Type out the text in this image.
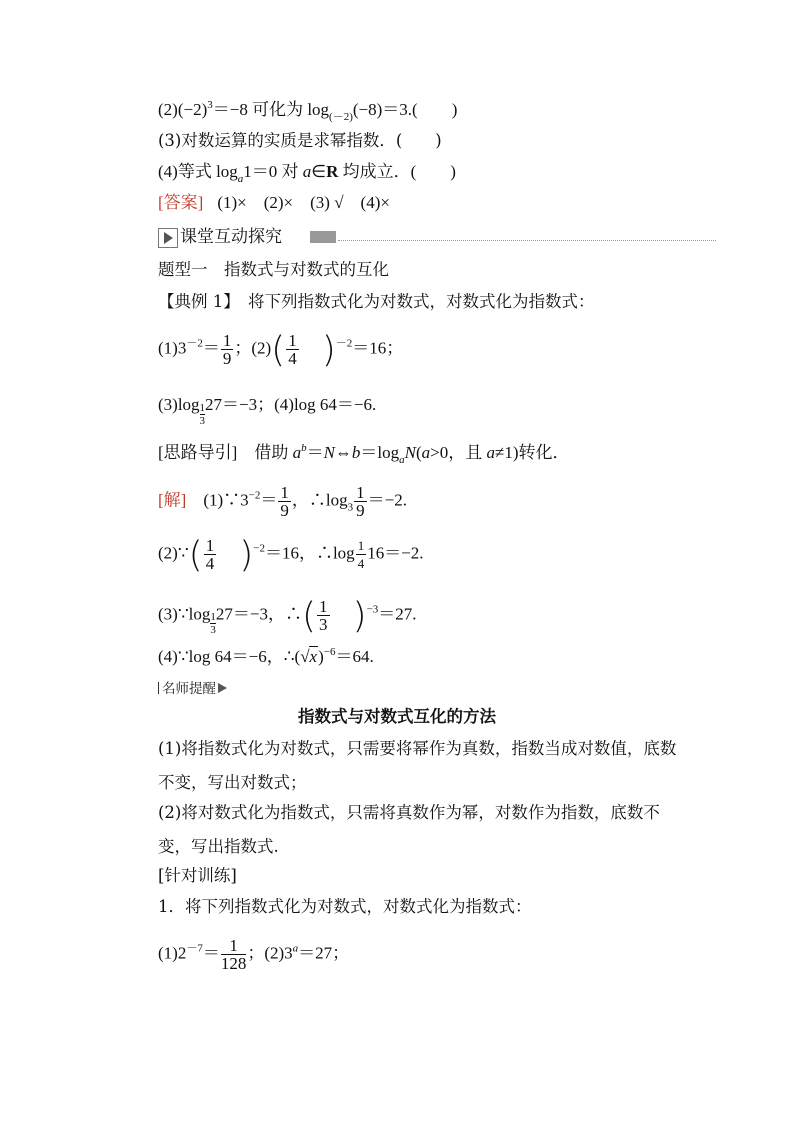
$(2)(-2)^3=-8$ 可化为 $\log_{(-2)}(-8)=3$.(　　)
(3)对数运算的实质是求幂指数．(　　)
(4)等式 $\log_a1=0$ 对 a∈R 均成立．(　　)
[答案] (1)×　(2)×　(3) √　(4)×
课堂互动探究
题型一　指数式与对数式的互化
【典例 1】　将下列指数式化为对数式，对数式化为指数式：
$(1)3^{-2}= \frac{1}{9}$ ；$(2)( \frac{1}{4} )^{-2}=16$；
$(3)\log \frac{1}{3} 27=-3$；(4)log 64＝−6.
[思路导引]　借助 $a^b=N\Leftrightarrow b=\log_aN(a>0$，且 a≠1)转化．
[解]　$(1)\because 3^{-2}= \frac{1}{9}$ ，$\therefore\log_3 \frac{1}{9} =-2$.
(2)∵( $\frac{1}{4} )^{-2}=16$，∴log $\frac{1}{4} 16=-2$.
(3)∵log $\frac{1}{3} 27=-3$，∴( $\frac{1}{3} )^{-3}=27$.
(4)∵log 64＝−6，$\therefore(√x)^{-6}=64$.
名师提醒
指数式与对数式互化的方法
(1)将指数式化为对数式，只需要将幂作为真数，指数当成对数值，底数不变，写出对数式；
(2)将对数式化为指数式，只需将真数作为幂，对数作为指数，底数不变，写出指数式.
[针对训练]
1．将下列指数式化为对数式，对数式化为指数式：
$(1)2^{-7}= \frac{1}{128}$ ；$(2)3^a=27$；
